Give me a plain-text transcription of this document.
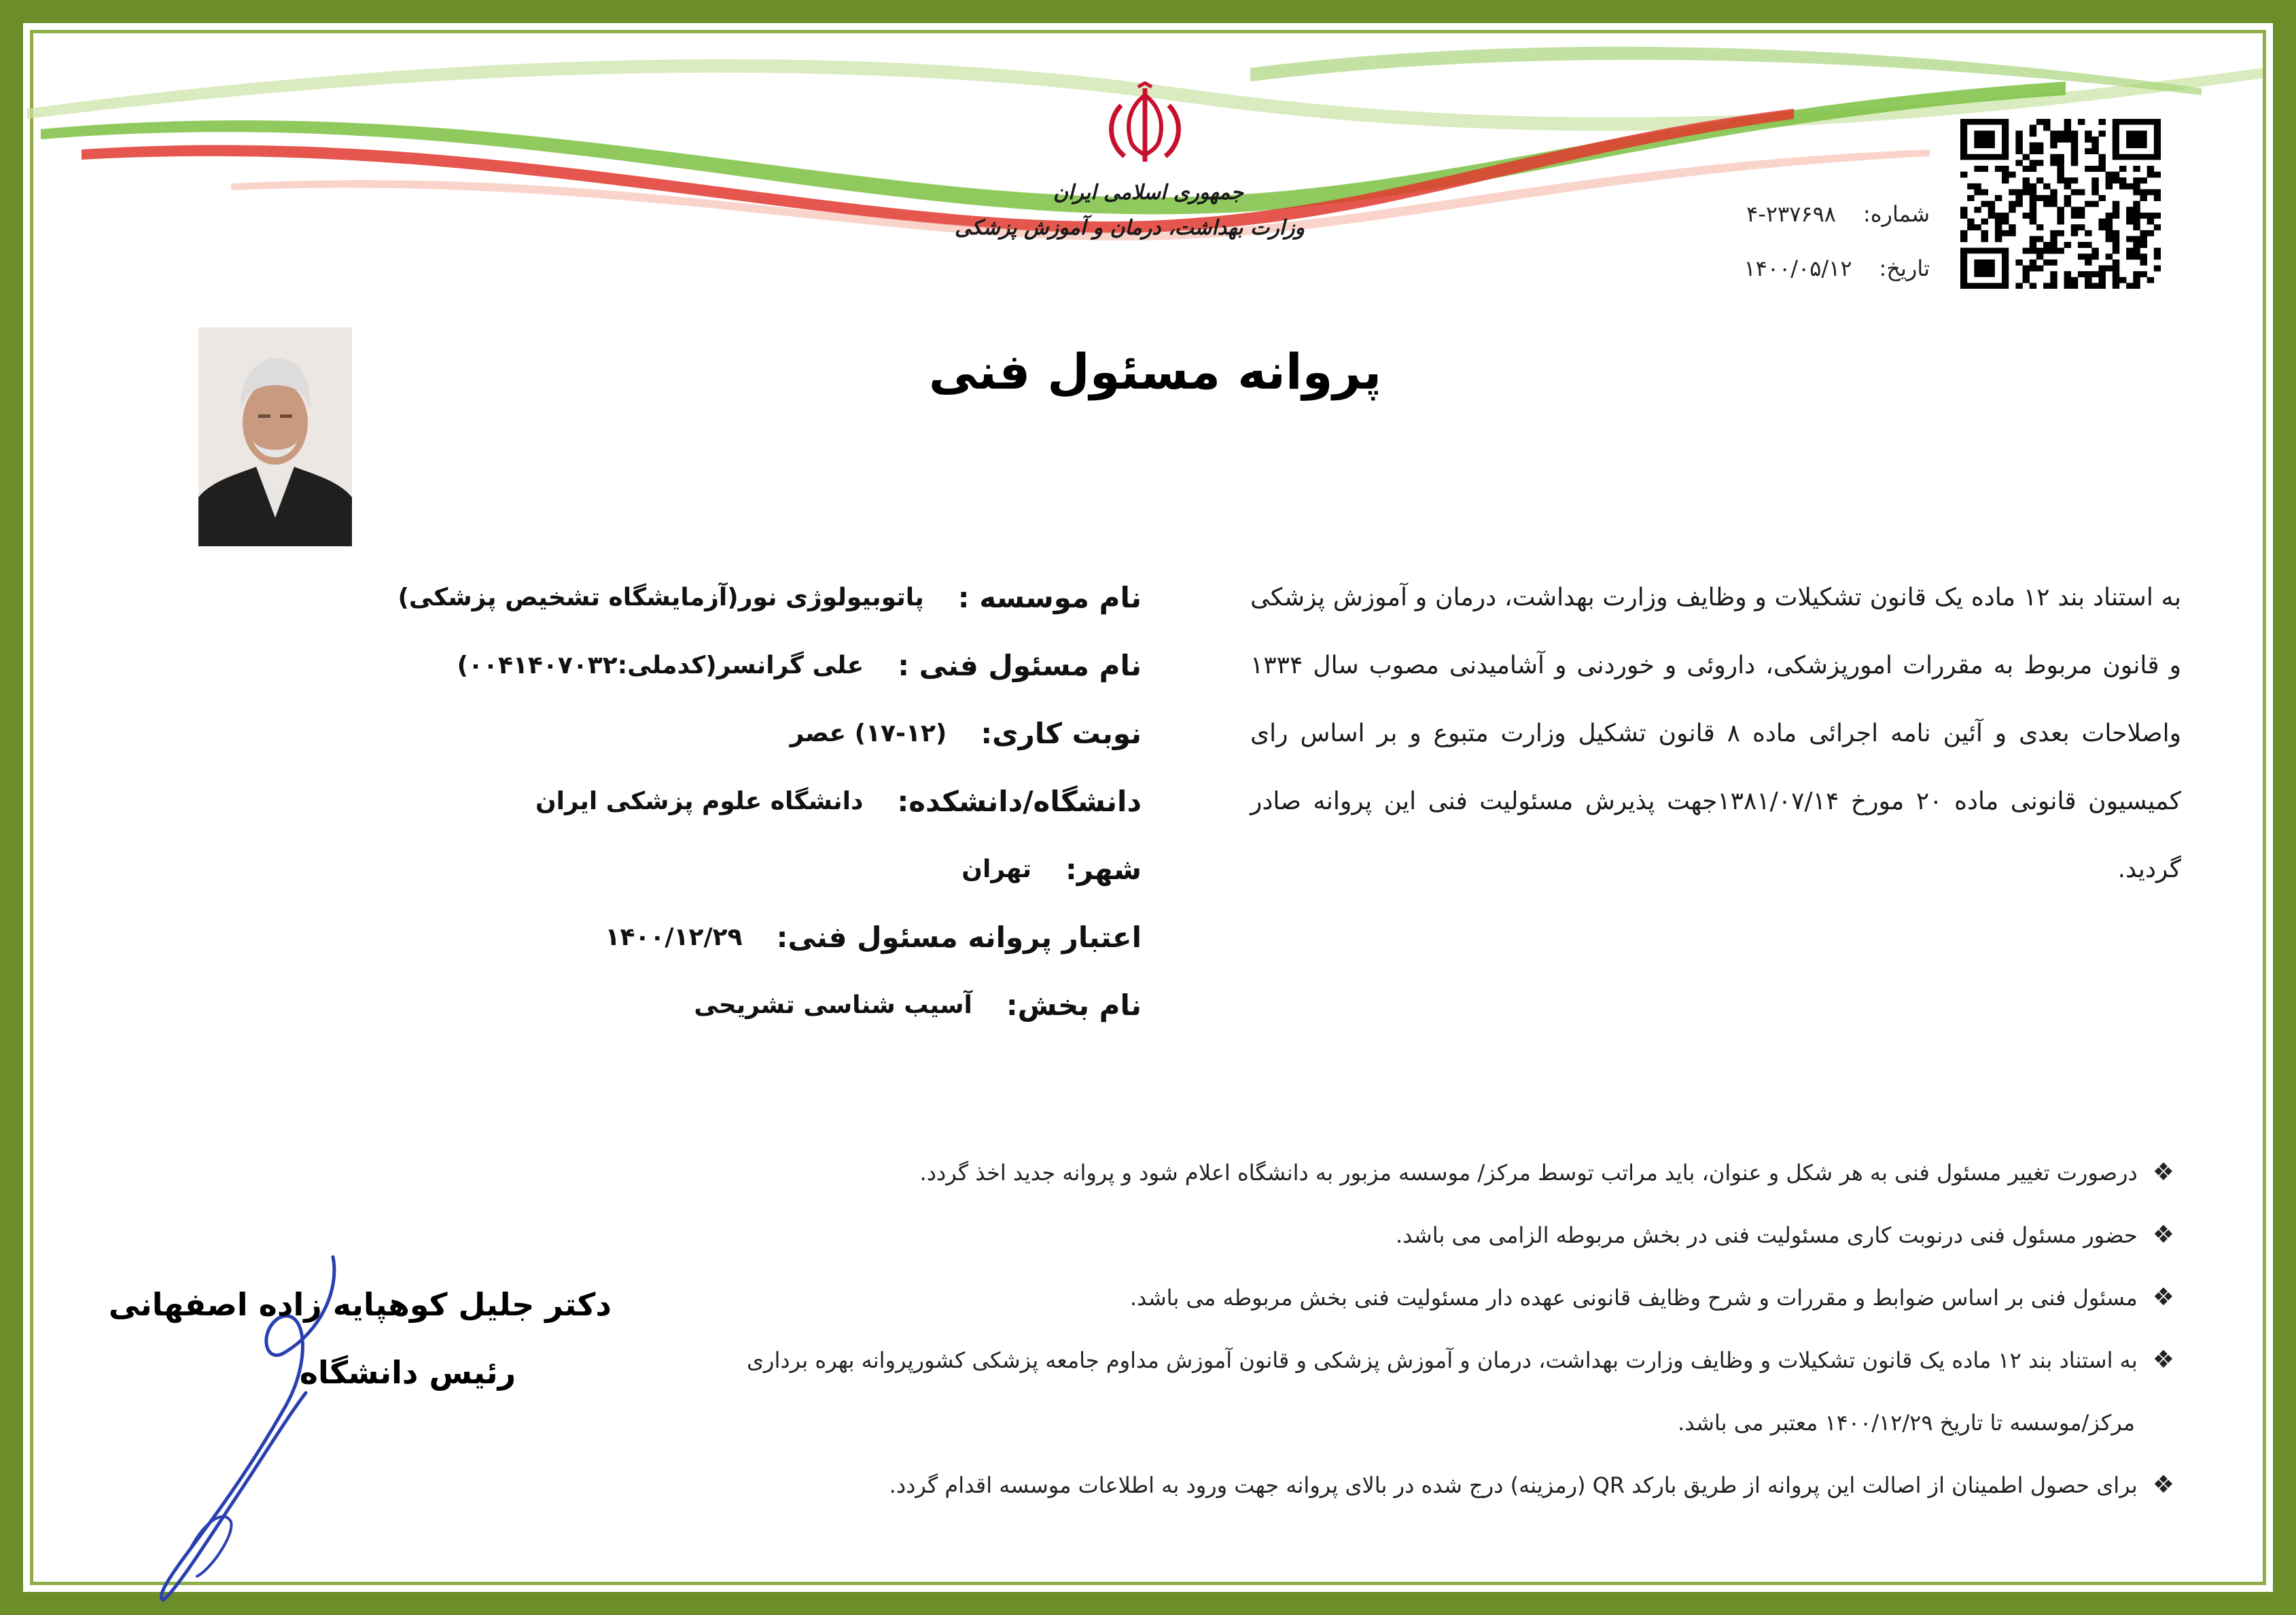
جمهوری اسلامی ایران
وزارت بهداشت، درمان و آموزش پزشکی
شماره:
۴-۲۳۷۶۹۸
تاریخ:
۱۴۰۰/۰۵/۱۲
پروانه مسئول فنی
به استناد بند ۱۲ ماده یک قانون تشکیلات و وظایف وزارت بهداشت، درمان و آموزش پزشکی و قانون مربوط به مقررات امورپزشکی، داروئی و خوردنی و آشامیدنی مصوب سال ۱۳۳۴ واصلاحات بعدی و آئین نامه اجرائی ماده ۸ قانون تشکیل وزارت متبوع و بر اساس رای کمیسیون قانونی ماده ۲۰ مورخ ۱۳۸۱/۰۷/۱۴جهت پذیرش مسئولیت فنی این پروانه صادر گردید.
نام موسسه :
پاتوبیولوژی نور(آزمایشگاه تشخیص پزشکی)
نام مسئول فنی :
علی گرانسر(کدملی:۰۰۴۱۴۰۷۰۳۲)
نوبت کاری:
(۱۷-۱۲) عصر
دانشگاه/دانشکده:
دانشگاه علوم پزشکی ایران
شهر:
تهران
اعتبار پروانه مسئول فنی:
۱۴۰۰/۱۲/۲۹
نام بخش:
آسیب شناسی تشریحی
❖
درصورت تغییر مسئول فنی به هر شکل و عنوان، باید مراتب توسط مرکز/ موسسه مزبور به دانشگاه اعلام شود و پروانه جدید اخذ گردد.
❖
حضور مسئول فنی درنوبت کاری مسئولیت فنی در بخش مربوطه الزامی می باشد.
❖
مسئول فنی بر اساس ضوابط و مقررات و شرح وظایف قانونی عهده دار مسئولیت فنی بخش مربوطه می باشد.
❖
به استناد بند ۱۲ ماده یک قانون تشکیلات و وظایف وزارت بهداشت، درمان و آموزش پزشکی و قانون آموزش مداوم جامعه پزشکی کشورپروانه بهره برداری
مرکز/موسسه تا تاریخ ۱۴۰۰/۱۲/۲۹ معتبر می باشد.
❖
برای حصول اطمینان از اصالت این پروانه از طریق بارکد QR (رمزینه) درج شده در بالای پروانه جهت ورود به اطلاعات موسسه اقدام گردد.
دکتر جلیل کوهپایه زاده اصفهانی
رئیس دانشگاه
